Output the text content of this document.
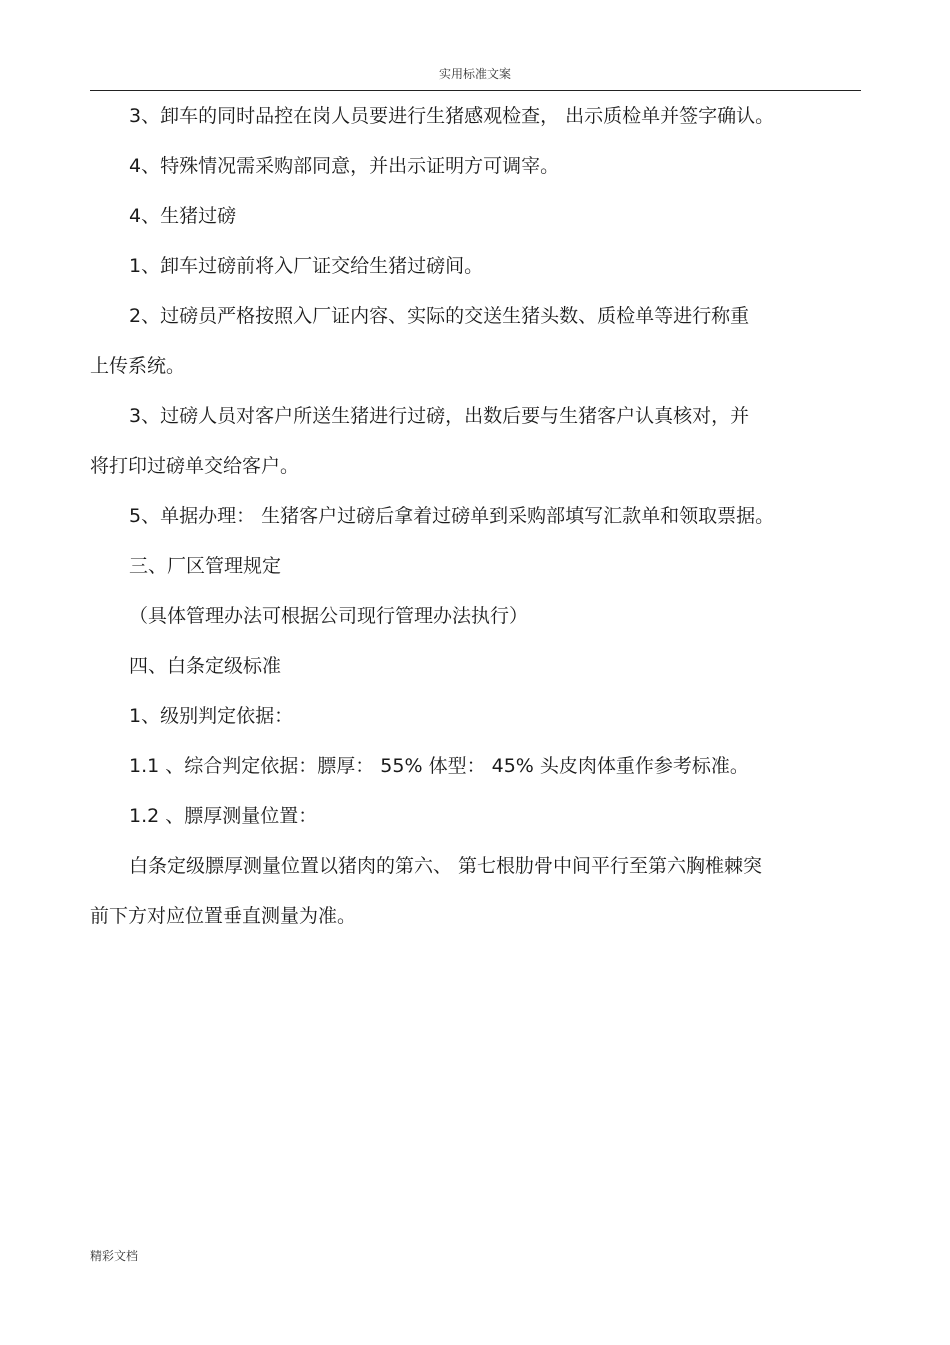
实用标准文案
3、卸车的同时品控在岗人员要进行生猪感观检查， 出示质检单并签字确认。
4、特殊情况需采购部同意，并出示证明方可调宰。
4、生猪过磅
1、卸车过磅前将入厂证交给生猪过磅间。
2、过磅员严格按照入厂证内容、实际的交送生猪头数、质检单等进行称重
上传系统。
3、过磅人员对客户所送生猪进行过磅，出数后要与生猪客户认真核对，并
将打印过磅单交给客户。
5、单据办理： 生猪客户过磅后拿着过磅单到采购部填写汇款单和领取票据。
三、厂区管理规定
（具体管理办法可根据公司现行管理办法执行）
四、白条定级标准
1、级别判定依据：
1.1 、综合判定依据：膘厚： 55% 体型： 45% 头皮肉体重作参考标准。
1.2 、膘厚测量位置：
白条定级膘厚测量位置以猪肉的第六、 第七根肋骨中间平行至第六胸椎棘突
前下方对应位置垂直测量为准。
精彩文档
